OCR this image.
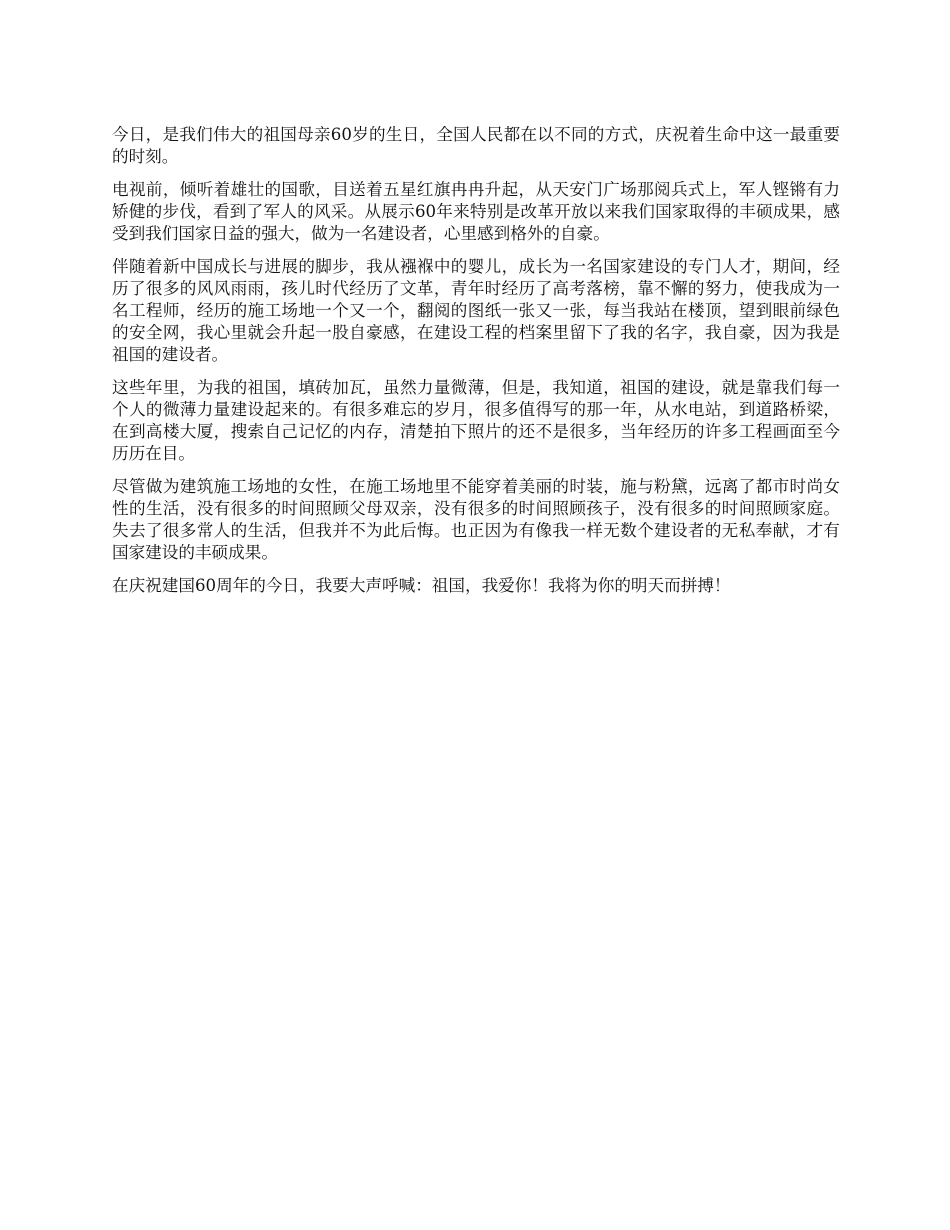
今日，是我们伟大的祖国母亲60岁的生日，全国人民都在以不同的方式，庆祝着生命中这一最重要的时刻。

电视前，倾听着雄壮的国歌，目送着五星红旗冉冉升起，从天安门广场那阅兵式上，军人铿锵有力矫健的步伐，看到了军人的风采。从展示60年来特别是改革开放以来我们国家取得的丰硕成果，感受到我们国家日益的强大，做为一名建设者，心里感到格外的自豪。

伴随着新中国成长与进展的脚步，我从襁褓中的婴儿，成长为一名国家建设的专门人才，期间，经历了很多的风风雨雨，孩儿时代经历了文革，青年时经历了高考落榜，靠不懈的努力，使我成为一名工程师，经历的施工场地一个又一个，翻阅的图纸一张又一张，每当我站在楼顶，望到眼前绿色的安全网，我心里就会升起一股自豪感，在建设工程的档案里留下了我的名字，我自豪，因为我是祖国的建设者。

这些年里，为我的祖国，填砖加瓦，虽然力量微薄，但是，我知道，祖国的建设，就是靠我们每一个人的微薄力量建设起来的。有很多难忘的岁月，很多值得写的那一年，从水电站，到道路桥梁，在到高楼大厦，搜索自己记忆的内存，清楚拍下照片的还不是很多，当年经历的许多工程画面至今历历在目。

尽管做为建筑施工场地的女性，在施工场地里不能穿着美丽的时装，施与粉黛，远离了都市时尚女性的生活，没有很多的时间照顾父母双亲，没有很多的时间照顾孩子，没有很多的时间照顾家庭。失去了很多常人的生活，但我并不为此后悔。也正因为有像我一样无数个建设者的无私奉献，才有国家建设的丰硕成果。

在庆祝建国60周年的今日，我要大声呼喊：祖国，我爱你！我将为你的明天而拼搏！
